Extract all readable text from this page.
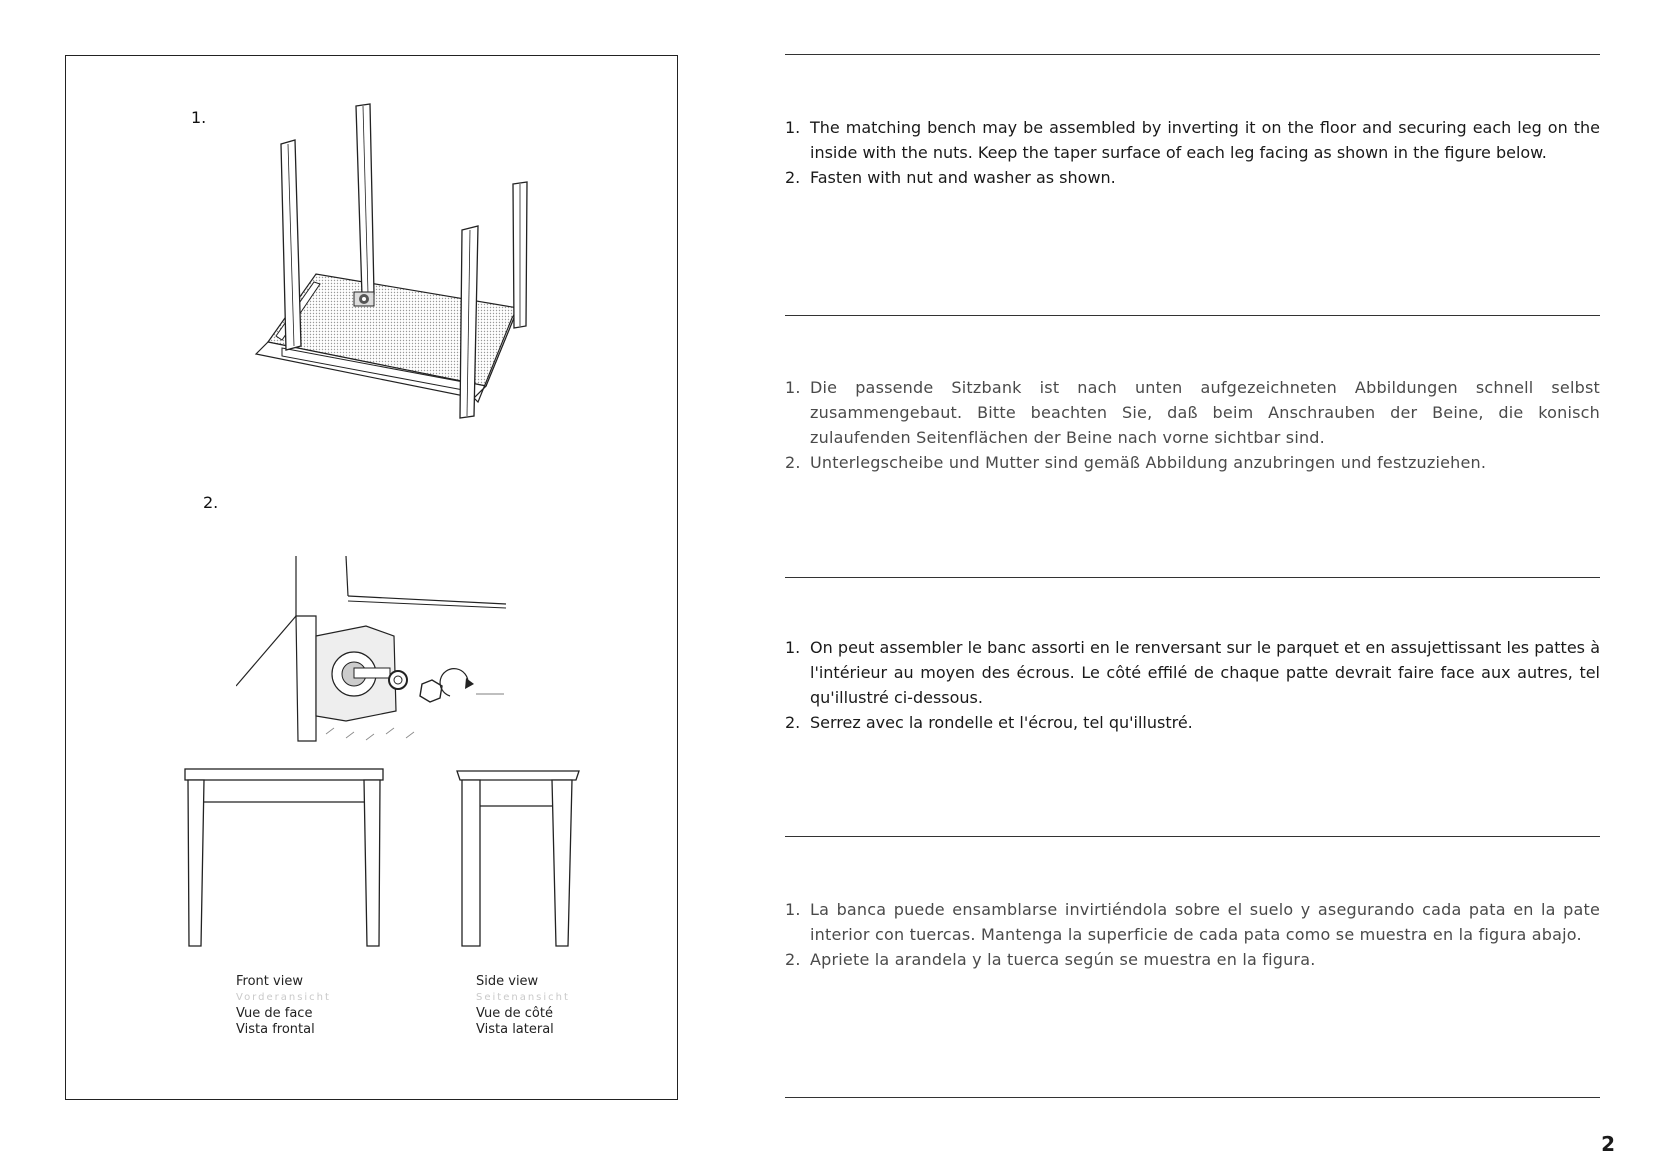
1.
2.
Front view
Vorderansicht
Vue de face
Vista frontal
Side view
Seitenansicht
Vue de côté
Vista lateral
1. The matching bench may be assembled by inverting it on the floor and securing each leg on the inside with the nuts. Keep the taper surface of each leg facing as shown in the figure below.
2. Fasten with nut and washer as shown.
1. Die passende Sitzbank ist nach unten aufgezeichneten Abbildungen schnell selbst zusammengebaut. Bitte beachten Sie, daß beim Anschrauben der Beine, die konisch zulaufenden Seitenflächen der Beine nach vorne sichtbar sind.
2. Unterlegscheibe und Mutter sind gemäß Abbildung anzubringen und festzuziehen.
1. On peut assembler le banc assorti en le renversant sur le parquet et en assujettissant les pattes à l'intérieur au moyen des écrous. Le côté effilé de chaque patte devrait faire face aux autres, tel qu'illustré ci-dessous.
2. Serrez avec la rondelle et l'écrou, tel qu'illustré.
1. La banca puede ensamblarse invirtiéndola sobre el suelo y asegurando cada pata en la pate interior con tuercas. Mantenga la superficie de cada pata como se muestra en la figura abajo.
2. Apriete la arandela y la tuerca según se muestra en la figura.
2
